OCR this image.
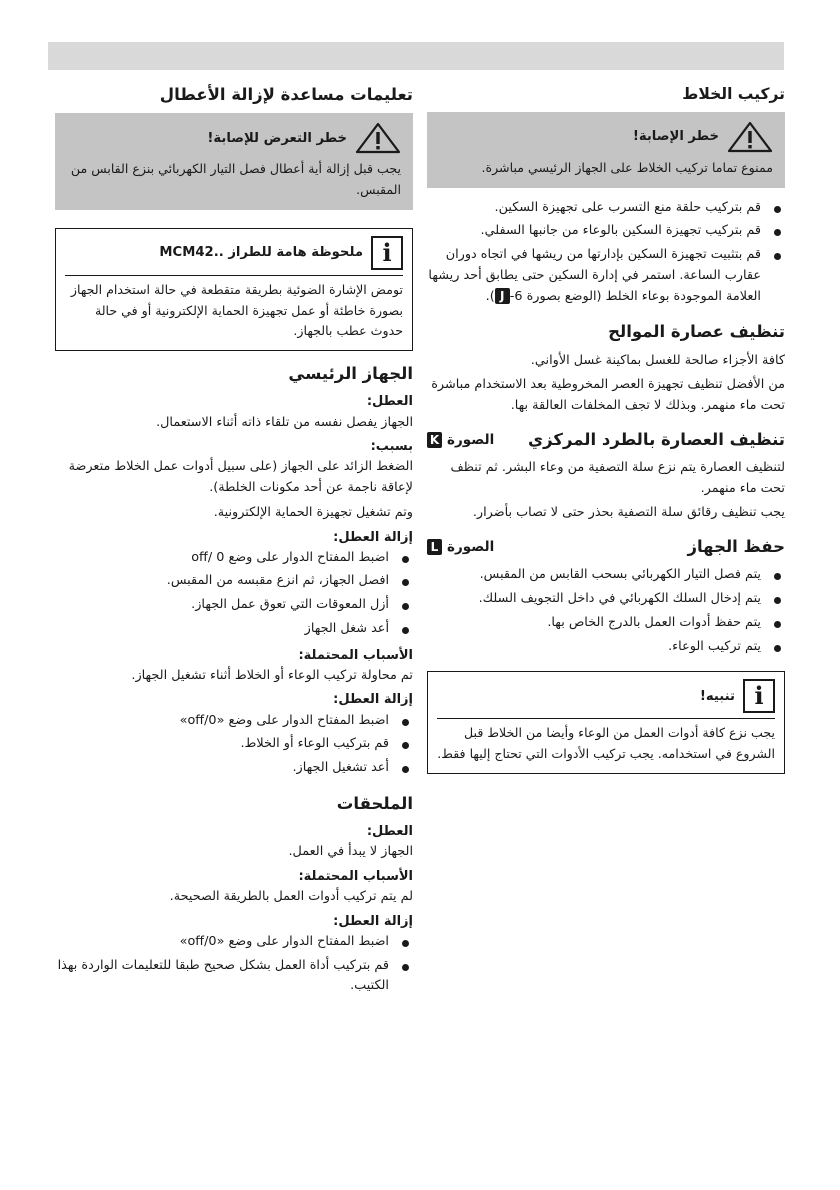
تركيب الخلاط
خطر الإصابة!

ممنوع تماما تركيب الخلاط على الجهاز الرئيسي مباشرة.

قم بتركيب حلقة منع التسرب على تجهيزة السكين.
قم بتركيب تجهيزة السكين بالوعاء من جانبها السفلي.
قم بتثبيت تجهيزة السكين بإدارتها من ريشها في اتجاه دوران عقارب الساعة. استمر في إدارة السكين حتى يطابق أحد ريشها العلامة الموجودة بوعاء الخلط (الوضع بصورة 6-J).
تنظيف عصارة الموالح

كافة الأجزاء صالحة للغسل بماكينة غسل الأواني.

من الأفضل تنظيف تجهيزة العصر المخروطية بعد الاستخدام مباشرة تحت ماء منهمر. وبذلك لا تجف المخلفات العالقة بها.

تنظيف العصارة بالطرد المركزي
الصورة
K

لتنظيف العصارة يتم نزع سلة التصفية من وعاء البشر. ثم تنظف تحت ماء منهمر.

يجب تنظيف رقائق سلة التصفية بحذر حتى لا تصاب بأضرار.

حفظ الجهاز
الصورة
L
يتم فصل التيار الكهربائي بسحب القابس من المقبس.
يتم إدخال السلك الكهربائي في داخل التجويف السلك.
يتم حفظ أدوات العمل بالدرج الخاص بها.
يتم تركيب الوعاء.
i
تنبيه!

يجب نزع كافة أدوات العمل من الوعاء وأيضا من الخلاط قبل الشروع في استخدامه. يجب تركيب الأدوات التي تحتاج إليها فقط.

تعليمات مساعدة لإزالة الأعطال
خطر التعرض للإصابة!

يجب قبل إزالة أية أعطال فصل التيار الكهربائي بنزع القابس من المقبس.

i
ملحوظة هامة للطراز ..MCM42

تومض الإشارة الضوئية بطريقة متقطعة في حالة استخدام الجهاز بصورة خاطئة أو عمل تجهيزة الحماية الإلكترونية أو في حالة حدوث عطب بالجهاز.

الجهاز الرئيسي

العطل:

الجهاز يفصل نفسه من تلقاء ذاته أثناء الاستعمال.

بسبب:

الضغط الزائد على الجهاز (على سبيل أدوات عمل الخلاط متعرضة لإعاقة ناجمة عن أحد مكونات الخلطة).

وتم تشغيل تجهيزة الحماية الإلكترونية.

إزالة العطل:

اضبط المفتاح الدوار على وضع 0 /off
افصل الجهاز، ثم انزع مقبسه من المقبس.
أزل المعوقات التي تعوق عمل الجهاز.
أعد شغل الجهاز

الأسباب المحتملة:

تم محاولة تركيب الوعاء أو الخلاط أثناء تشغيل الجهاز.

إزالة العطل:

اضبط المفتاح الدوار على وضع «0/off»
قم بتركيب الوعاء أو الخلاط.
أعد تشغيل الجهاز.
الملحقات

العطل:

الجهاز لا يبدأ في العمل.

الأسباب المحتملة:

لم يتم تركيب أدوات العمل بالطريقة الصحيحة.

إزالة العطل:

اضبط المفتاح الدوار على وضع «0/off»
قم بتركيب أداة العمل بشكل صحيح طبقا للتعليمات الواردة بهذا الكتيب.
